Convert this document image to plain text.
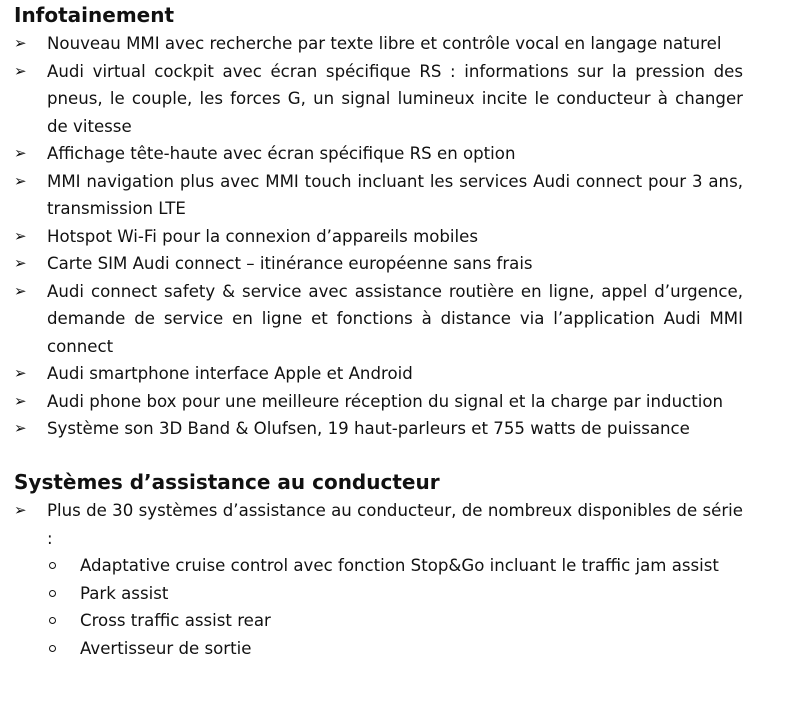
Infotainement
➢ Nouveau MMI avec recherche par texte libre et contrôle vocal en langage naturel
➢ Audi virtual cockpit avec écran spécifique RS : informations sur la pression des pneus, le couple, les forces G, un signal lumineux incite le conducteur à changer de vitesse
➢ Affichage tête-haute avec écran spécifique RS en option
➢ MMI navigation plus avec MMI touch incluant les services Audi connect pour 3 ans, transmission LTE
➢ Hotspot Wi-Fi pour la connexion d’appareils mobiles
➢ Carte SIM Audi connect – itinérance européenne sans frais
➢ Audi connect safety & service avec assistance routière en ligne, appel d’urgence, demande de service en ligne et fonctions à distance via l’application Audi MMI connect
➢ Audi smartphone interface Apple et Android
➢ Audi phone box pour une meilleure réception du signal et la charge par induction
➢ Système son 3D Band & Olufsen, 19 haut-parleurs et 755 watts de puissance
Systèmes d’assistance au conducteur
➢ Plus de 30 systèmes d’assistance au conducteur, de nombreux disponibles de série :
Adaptative cruise control avec fonction Stop&Go incluant le traffic jam assist
Park assist
Cross traffic assist rear
Avertisseur de sortie
